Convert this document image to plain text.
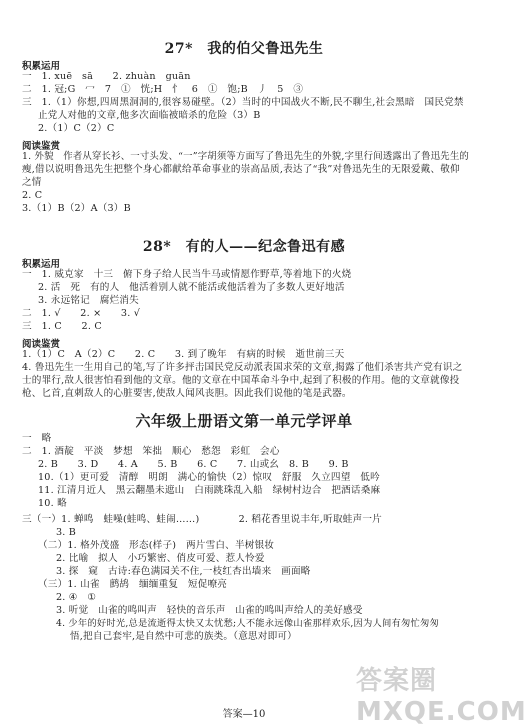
27*　我的伯父鲁迅先生
积累运用
一　1. xuē　sā　　2. zhuàn　guān
二　1. 冠;G　冖　7　①　恍;H　忄　6　①　饱;B　丿　5　③
三　1.（1）你想,四周黑洞洞的,很容易碰壁。（2）当时的中国战火不断,民不聊生,社会黑暗　国民党禁
止党人对他的文章,他多次面临被暗杀的危险（3）B
2.（1）C（2）C
阅读鉴赏
1. 外貌　作者从穿长衫、一寸头发、“一”字胡须等方面写了鲁迅先生的外貌,字里行间透露出了鲁迅先生的
瘦,借以说明鲁迅先生把整个身心都献给革命事业的崇高品质,表达了“我”对鲁迅先生的无限爱戴、敬仰
之情
2. C
3.（1）B（2）A（3）B
28*　有的人——纪念鲁迅有感
积累运用
一　1. 威克家　十三　俯下身子给人民当牛马或情愿作野草,等着地下的火烧
2. 活　死　有的人　他活着别人就不能活或他活着为了多数人更好地活
3. 永远铭记　腐烂消失
二　1. √　　2. ×　　3. √
三　1. C　　2. C
阅读鉴赏
1.（1）C　A（2）C　　2. C　　3. 到了晚年　有病的时候　逝世前三天
4. 鲁迅先生一生用自己的笔,写了许多抨击国民党反动派表国求荣的文章,揭露了他们杀害共产党有识之
士的罪行,敌人很害怕看到他的文章。他的文章在中国革命斗争中,起到了积极的作用。他的文章就像投
枪、匕首,直刺敌人的心脏要害,使敌人闻风丧胆。因此我们说他的笔是武器。
六年级上册语文第一单元学评单
一　略
二　1. 酒靛　平淡　梦想　笨拙　顺心　愁怨　彩虹　会心
2. B　　3. D　　4. A　　5. B　　6. C　　7. 山或幺　8. B　　9. B
10.（1）更可爱　清醇　明朗　满心的愉快（2）惊叹　舒服　久立四望　低吟
11. 江清月近人　黑云翻墨未遮山　白雨跳珠乱入船　绿树村边合　把酒话桑麻
10. 略
三（一）1. 蝉鸣　蛙噪(蛙鸣、蛙闹……)　　　　2. 稻花香里说丰年,听取蛙声一片
3. B
（二）1. 格外茂盛　形态(样子)　两片雪白、半树银妆
2. 比喻　拟人　小巧繁密、俏皮可爱、惹人怜爱
3. 探　窥　古诗:春色满园关不住,一枝红杏出墙来　画面略
（三）1. 山雀　鹧鸪　缅缅重复　短促嘹亮
2. ④　①
3. 听觉　山雀的鸣叫声　轻快的音乐声　山雀的鸣叫声给人的美好感受
4. 少年的好时光,总是流逝得太快又太忧愁;人不能永远像山雀那样欢乐,因为人间有匆忙匆匆
悟,把自己套牢,是自然中可悲的族类。（意思对即可）
答案圈 MXQE.COM
答案—10
